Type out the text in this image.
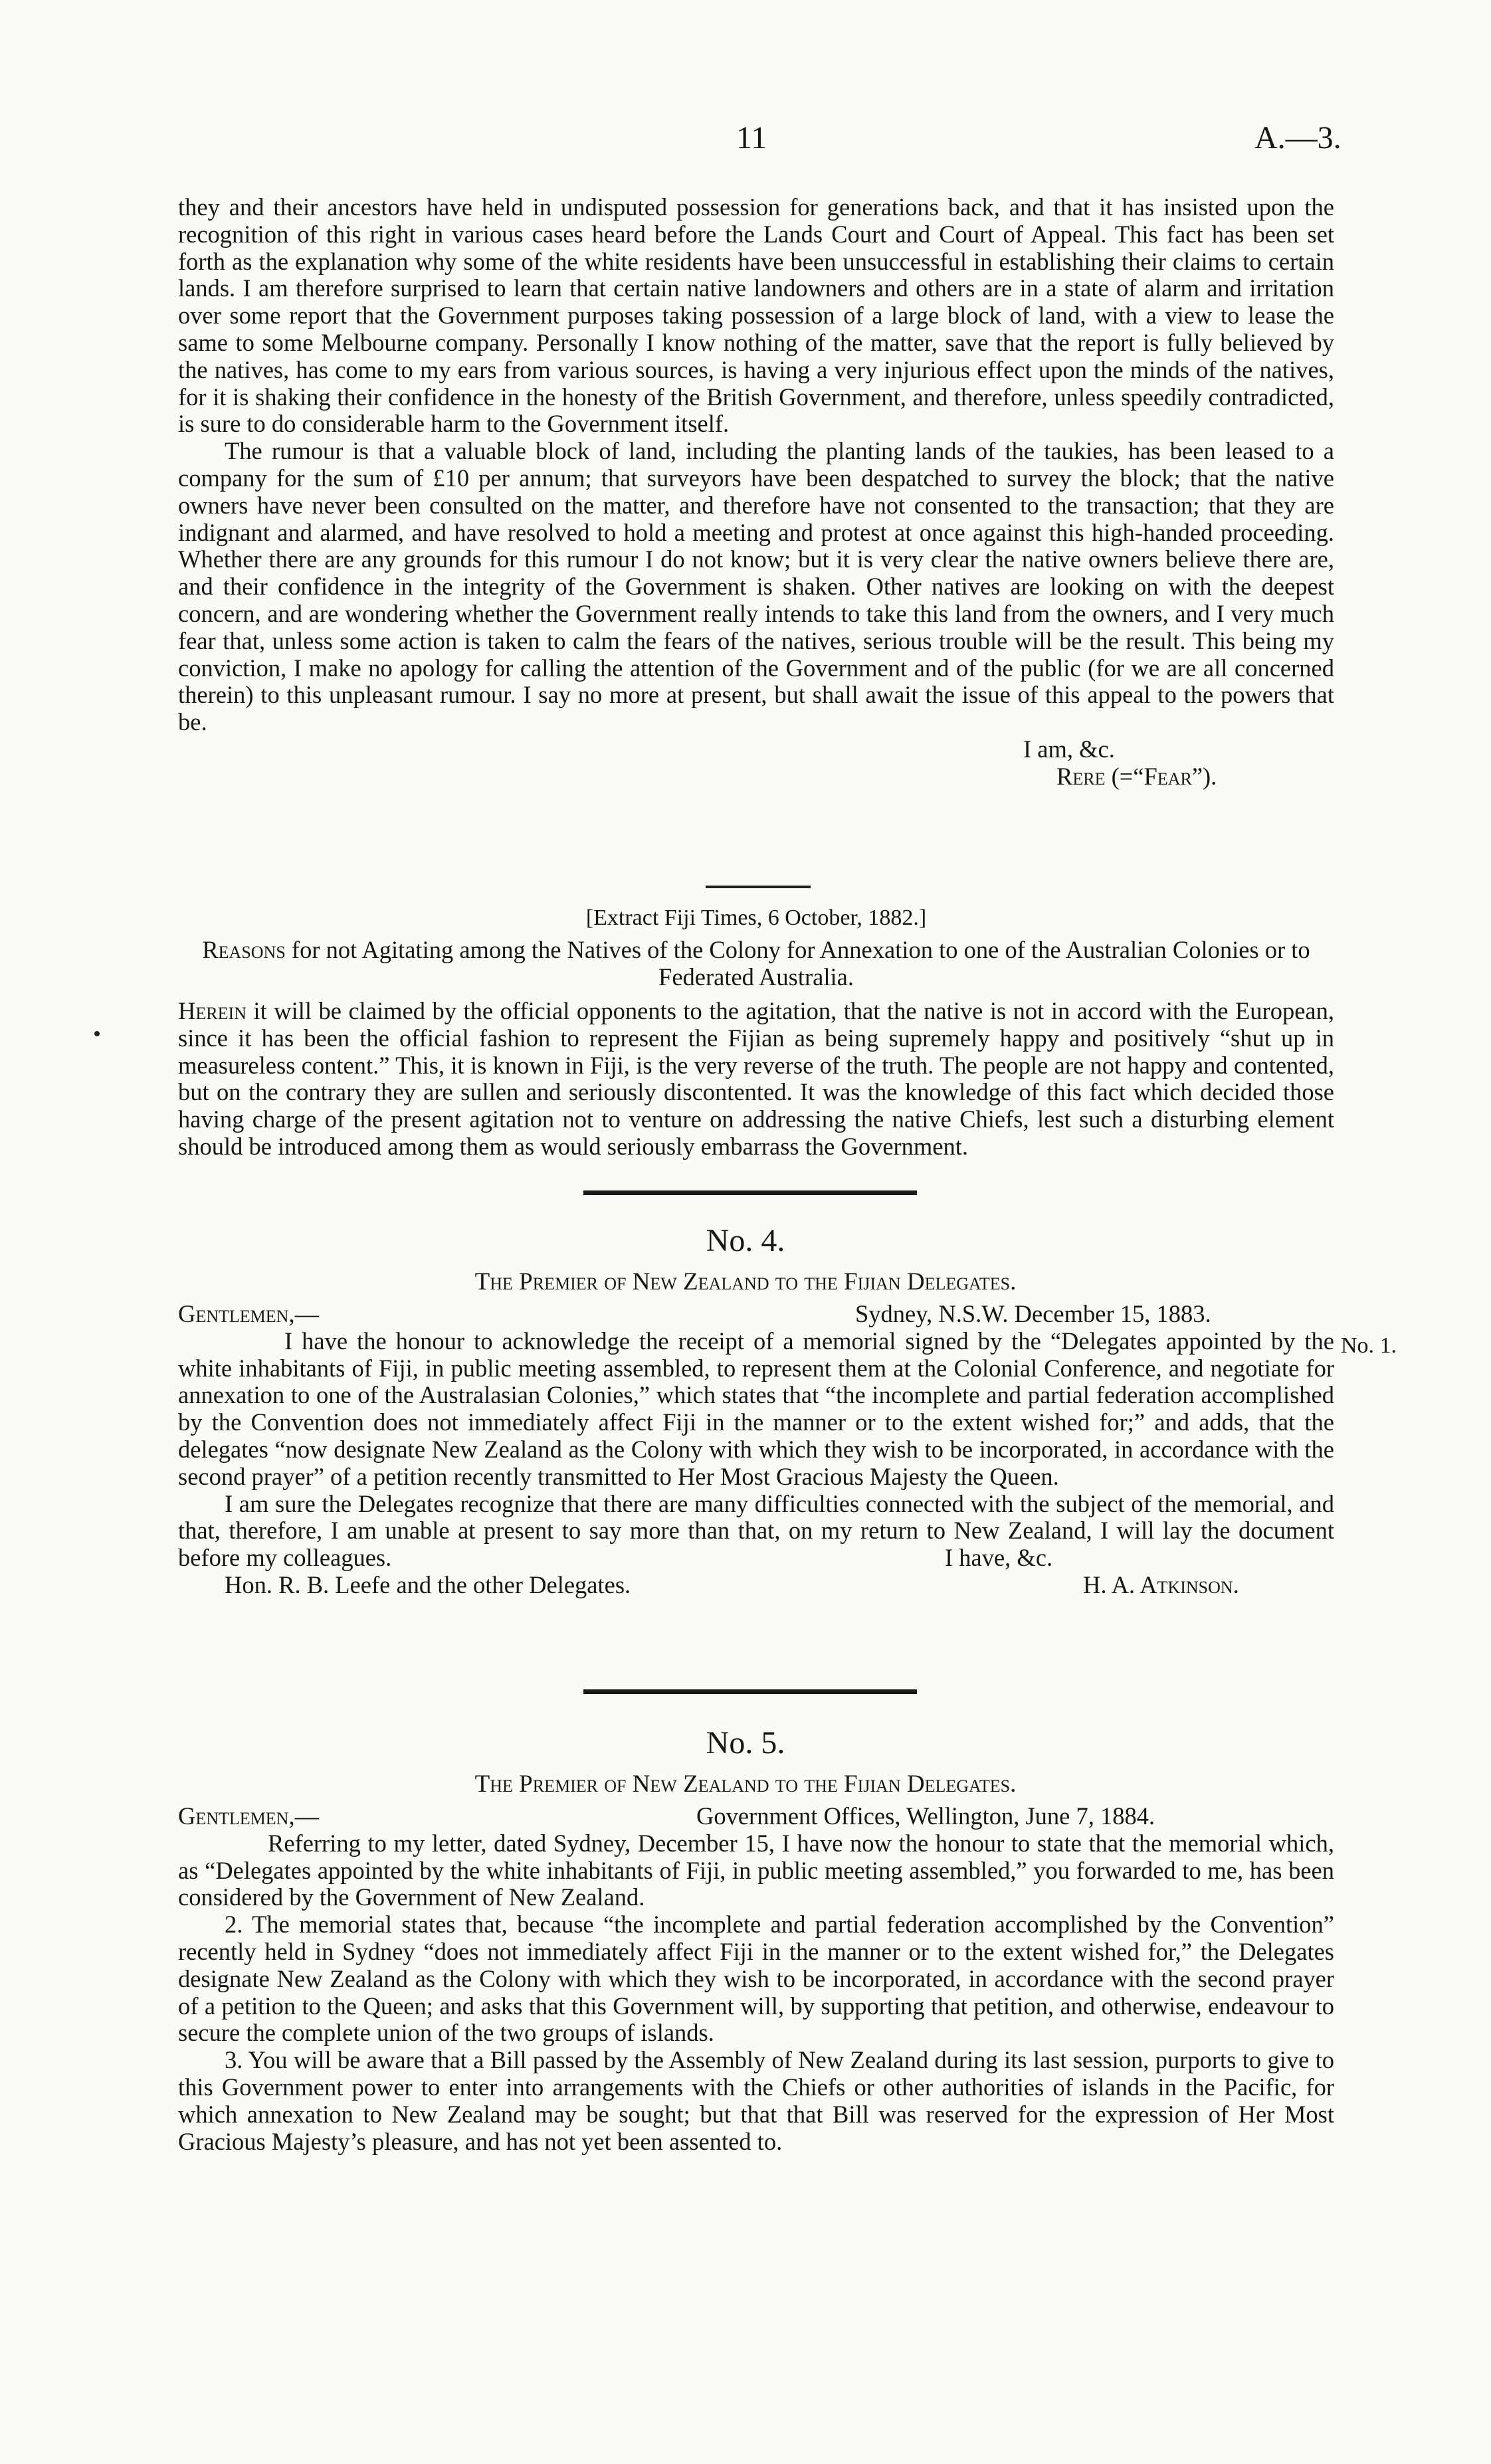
11	A.—3.

they and their ancestors have held in undisputed possession for generations back, and that it has insisted upon the recognition of this right in various cases heard before the Lands Court and Court of Appeal. This fact has been set forth as the explanation why some of the white residents have been unsuccessful in establishing their claims to certain lands. I am therefore surprised to learn that certain native landowners and others are in a state of alarm and irritation over some report that the Government purposes taking possession of a large block of land, with a view to lease the same to some Melbourne company. Personally I know nothing of the matter, save that the report is fully believed by the natives, has come to my ears from various sources, is having a very injurious effect upon the minds of the natives, for it is shaking their confidence in the honesty of the British Government, and therefore, unless speedily contradicted, is sure to do considerable harm to the Government itself.

The rumour is that a valuable block of land, including the planting lands of the taukies, has been leased to a company for the sum of £10 per annum; that surveyors have been despatched to survey the block; that the native owners have never been consulted on the matter, and therefore have not consented to the transaction; that they are indignant and alarmed, and have resolved to hold a meeting and protest at once against this high-handed proceeding. Whether there are any grounds for this rumour I do not know; but it is very clear the native owners believe there are, and their confidence in the integrity of the Government is shaken. Other natives are looking on with the deepest concern, and are wondering whether the Government really intends to take this land from the owners, and I very much fear that, unless some action is taken to calm the fears of the natives, serious trouble will be the result. This being my conviction, I make no apology for calling the attention of the Government and of the public (for we are all concerned therein) to this unpleasant rumour. I say no more at present, but shall await the issue of this appeal to the powers that be.

I am, &c.
Rere (=“Fear”).
[Extract Fiji Times, 6 October, 1882.]
Reasons for not Agitating among the Natives of the Colony for Annexation to one of the Australian Colonies or to Federated Australia.
Herein it will be claimed by the official opponents to the agitation, that the native is not in accord with the European, since it has been the official fashion to represent the Fijian as being supremely happy and positively “shut up in measureless content.” This, it is known in Fiji, is the very reverse of the truth. The people are not happy and contented, but on the contrary they are sullen and seriously discontented. It was the knowledge of this fact which decided those having charge of the present agitation not to venture on addressing the native Chiefs, lest such a disturbing element should be introduced among them as would seriously embarrass the Government.
No. 4.
The Premier of New Zealand to the Fijian Delegates.
Gentlemen,—	Sydney, N.S.W. December 15, 1883.

I have the honour to acknowledge the receipt of a memorial signed by the “Delegates appointed by the white inhabitants of Fiji, in public meeting assembled, to represent them at the Colonial Conference, and negotiate for annexation to one of the Australasian Colonies,” which states that “the incomplete and partial federation accomplished by the Convention does not immediately affect Fiji in the manner or to the extent wished for;” and adds, that the delegates “now designate New Zealand as the Colony with which they wish to be incorporated, in accordance with the second prayer” of a petition recently transmitted to Her Most Gracious Majesty the Queen.

I am sure the Delegates recognize that there are many difficulties connected with the subject of the memorial, and that, therefore, I am unable at present to say more than that, on my return to New Zealand, I will lay the document before my colleagues.

Hon. R. B. Leefe and the other Delegates.
I have, &c.
H. A. Atkinson.
No. 1.
No. 5.
The Premier of New Zealand to the Fijian Delegates.
Gentlemen,—	Government Offices, Wellington, June 7, 1884.

Referring to my letter, dated Sydney, December 15, I have now the honour to state that the memorial which, as “Delegates appointed by the white inhabitants of Fiji, in public meeting assembled,” you forwarded to me, has been considered by the Government of New Zealand.

2. The memorial states that, because “the incomplete and partial federation accomplished by the Convention” recently held in Sydney “does not immediately affect Fiji in the manner or to the extent wished for,” the Delegates designate New Zealand as the Colony with which they wish to be incorporated, in accordance with the second prayer of a petition to the Queen; and asks that this Government will, by supporting that petition, and otherwise, endeavour to secure the complete union of the two groups of islands.

3. You will be aware that a Bill passed by the Assembly of New Zealand during its last session, purports to give to this Government power to enter into arrangements with the Chiefs or other authorities of islands in the Pacific, for which annexation to New Zealand may be sought; but that that Bill was reserved for the expression of Her Most Gracious Majesty’s pleasure, and has not yet been assented to.
